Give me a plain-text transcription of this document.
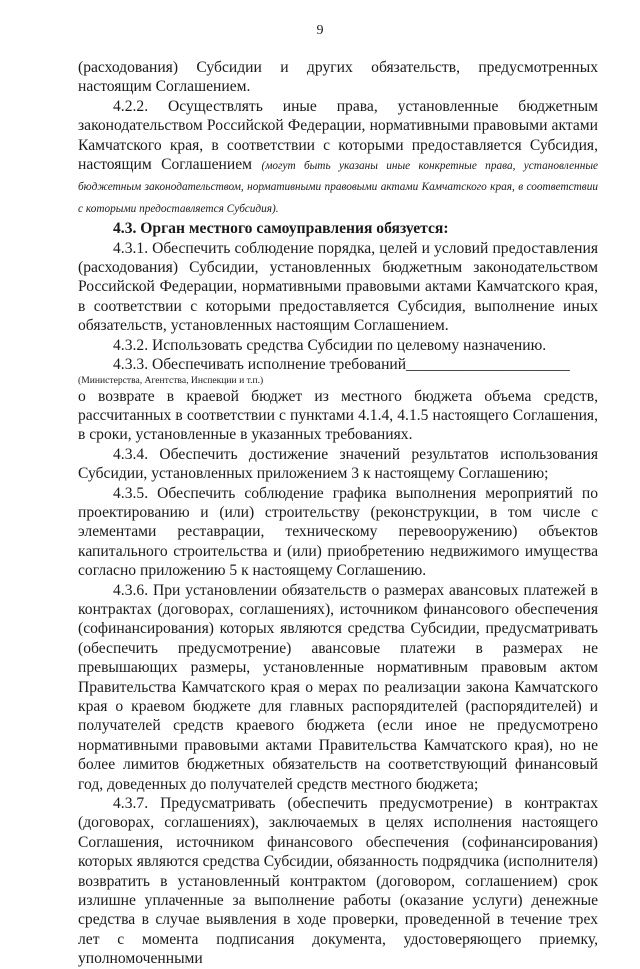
9

(расходования) Субсидии и других обязательств, предусмотренных настоящим Соглашением.

4.2.2. Осуществлять иные права, установленные бюджетным законодательством Российской Федерации, нормативными правовыми актами Камчатского края, в соответствии с которыми предоставляется Субсидия, настоящим Соглашением (могут быть указаны иные конкретные права, установленные бюджетным законодательством, нормативными правовыми актами Камчатского края, в соответствии с которыми предоставляется Субсидия).

4.3. Орган местного самоуправления обязуется:

4.3.1. Обеспечить соблюдение порядка, целей и условий предоставления (расходования) Субсидии, установленных бюджетным законодательством Российской Федерации, нормативными правовыми актами Камчатского края, в соответствии с которыми предоставляется Субсидия, выполнение иных обязательств, установленных настоящим Соглашением.

4.3.2. Использовать средства Субсидии по целевому назначению.

4.3.3. Обеспечивать исполнение требований_____________________

(Министерства, Агентства, Инспекции и т.п.)

о возврате в краевой бюджет из местного бюджета объема средств, рассчитанных в соответствии с пунктами 4.1.4, 4.1.5 настоящего Соглашения, в сроки, установленные в указанных требованиях.

4.3.4. Обеспечить достижение значений результатов использования Субсидии, установленных приложением 3 к настоящему Соглашению;

4.3.5. Обеспечить соблюдение графика выполнения мероприятий по проектированию и (или) строительству (реконструкции, в том числе с элементами реставрации, техническому перевооружению) объектов капитального строительства и (или) приобретению недвижимого имущества согласно приложению 5 к настоящему Соглашению.

4.3.6. При установлении обязательств о размерах авансовых платежей в контрактах (договорах, соглашениях), источником финансового обеспечения (софинансирования) которых являются средства Субсидии, предусматривать (обеспечить предусмотрение) авансовые платежи в размерах не превышающих размеры, установленные нормативным правовым актом Правительства Камчатского края о мерах по реализации закона Камчатского края о краевом бюджете для главных распорядителей (распорядителей) и получателей средств краевого бюджета (если иное не предусмотрено нормативными правовыми актами Правительства Камчатского края), но не более лимитов бюджетных обязательств на соответствующий финансовый год, доведенных до получателей средств местного бюджета;

4.3.7. Предусматривать (обеспечить предусмотрение) в контрактах (договорах, соглашениях), заключаемых в целях исполнения настоящего Соглашения, источником финансового обеспечения (софинансирования) которых являются средства Субсидии, обязанность подрядчика (исполнителя) возвратить в установленный контрактом (договором, соглашением) срок излишне уплаченные за выполнение работы (оказание услуги) денежные средства в случае выявления в ходе проверки, проведенной в течение трех лет с момента подписания документа, удостоверяющего приемку, уполномоченными
